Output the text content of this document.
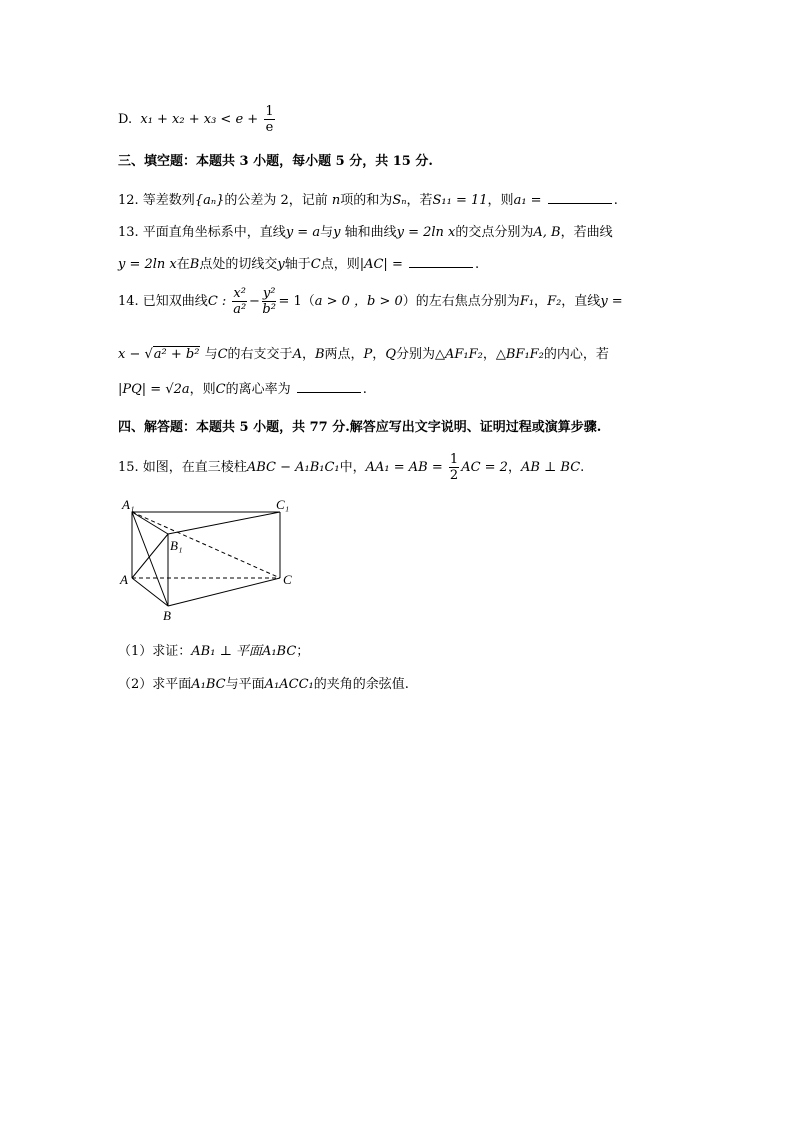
D. $x_1 + x_2 + x_3 < e + \frac{1}{e}$
三、填空题：本题共 3 小题，每小题 5 分，共 15 分.
12. 等差数列{aₙ}的公差为 2，记前 n项的和为Sₙ，若S₁₁ = 11，则a₁ =	.
13. 平面直角坐标系中，直线y = a与y 轴和曲线y = 2ln x的交点分别为A, B，若曲线
y = 2ln x在B点处的切线交y轴于C点，则|AC| =	.
14. 已知双曲线C : $\frac{\text{x²}}{\text{a²}} - \frac{\text{y²}}{\text{b²}} = 1(a > 0$ ，b > 0）的左右焦点分别为F₁，F₂，直线y =
x − √a² + b² 与C的右支交于A，B两点，P，Q分别为△AF₁F₂，△BF₁F₂的内心，若
|PQ| = √2a，则C的离心率为	.
四、解答题：本题共 5 小题，共 77 分.解答应写出文字说明、证明过程或演算步骤.
15. 如图，在直三棱柱ABC − A₁B₁C₁中，AA₁ = AB = $\frac{1}{2}$ AC = 2，AB ⊥ BC.
A₁	C₁
B₁
A	C
B
（1）求证：AB₁ ⊥ 平面A₁BC；
（2）求平面A₁BC与平面A₁ACC₁的夹角的余弦值.
